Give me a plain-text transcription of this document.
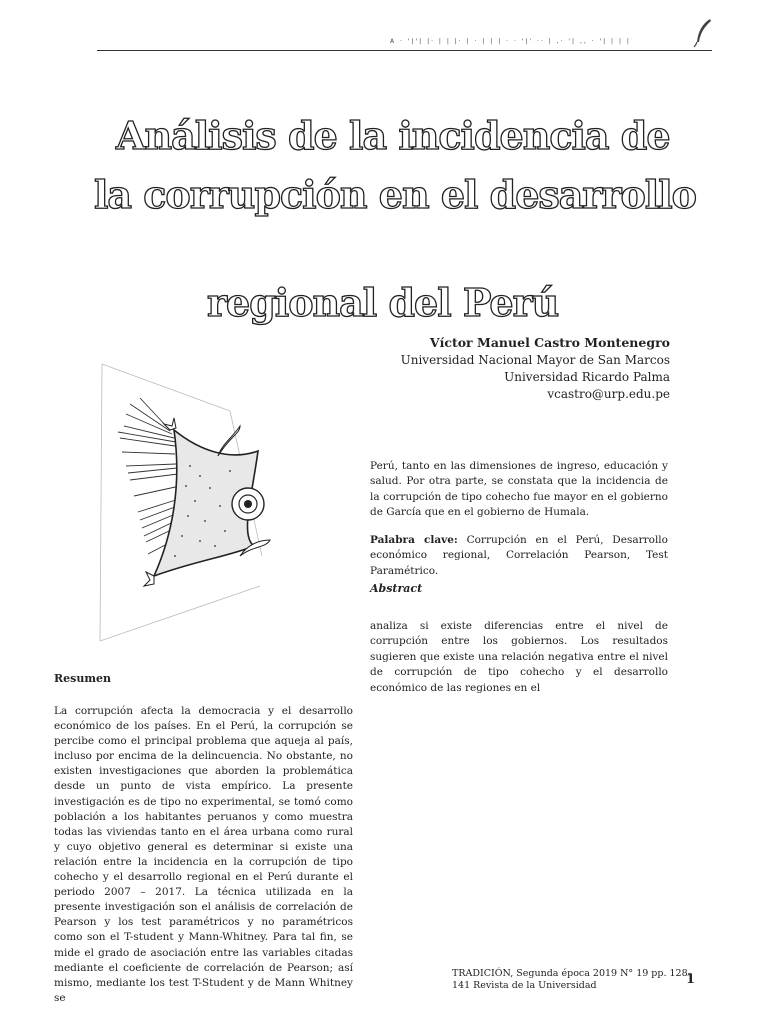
A · '|'| |· | | |· | · | | | · · '|' ·· | ,· '| ,, · '| | | |
Análisis de la incidencia de
la corrupción en el desarrollo
regional del Perú
Víctor Manuel Castro Montenegro
Universidad Nacional Mayor de San Marcos
Universidad Ricardo Palma
vcastro@urp.edu.pe

Perú, tanto en las dimensiones de ingreso, educación y salud. Por otra parte, se constata que la incidencia de la corrupción de tipo cohecho fue mayor en el gobierno de García que en el gobierno de Humala.

Palabra clave: Corrupción en el Perú, Desarrollo económico regional, Correlación Pearson, Test Paramétrico.

Abstract

analiza si existe diferencias entre el nivel de corrupción entre los gobiernos. Los resultados sugieren que existe una relación negativa entre el nivel de corrupción de tipo cohecho y el desarrollo económico de las regiones en el

Resumen

La corrupción afecta la democracia y el desarrollo económico de los países. En el Perú, la corrupción se percibe como el principal problema que aqueja al país, incluso por encima de la delincuencia. No obstante, no existen investigaciones que aborden la problemática desde un punto de vista empírico. La presente investigación es de tipo no experimental, se tomó como población a los habitantes peruanos y como muestra todas las viviendas tanto en el área urbana como rural y cuyo objetivo general es determinar si existe una relación entre la incidencia en la corrupción de tipo cohecho y el desarrollo regional en el Perú durante el periodo 2007 – 2017. La técnica utilizada en la presente investigación son el análisis de correlación de Pearson y los test paramétricos y no paramétricos como son el T-student y Mann-Whitney. Para tal fin, se mide el grado de asociación entre las variables citadas mediante el coeficiente de correlación de Pearson; así mismo, mediante los test T-Student y de Mann Whitney se

TRADICIÓN, Segunda época 2019 N° 19 pp. 128-
141 Revista de la Universidad	1
